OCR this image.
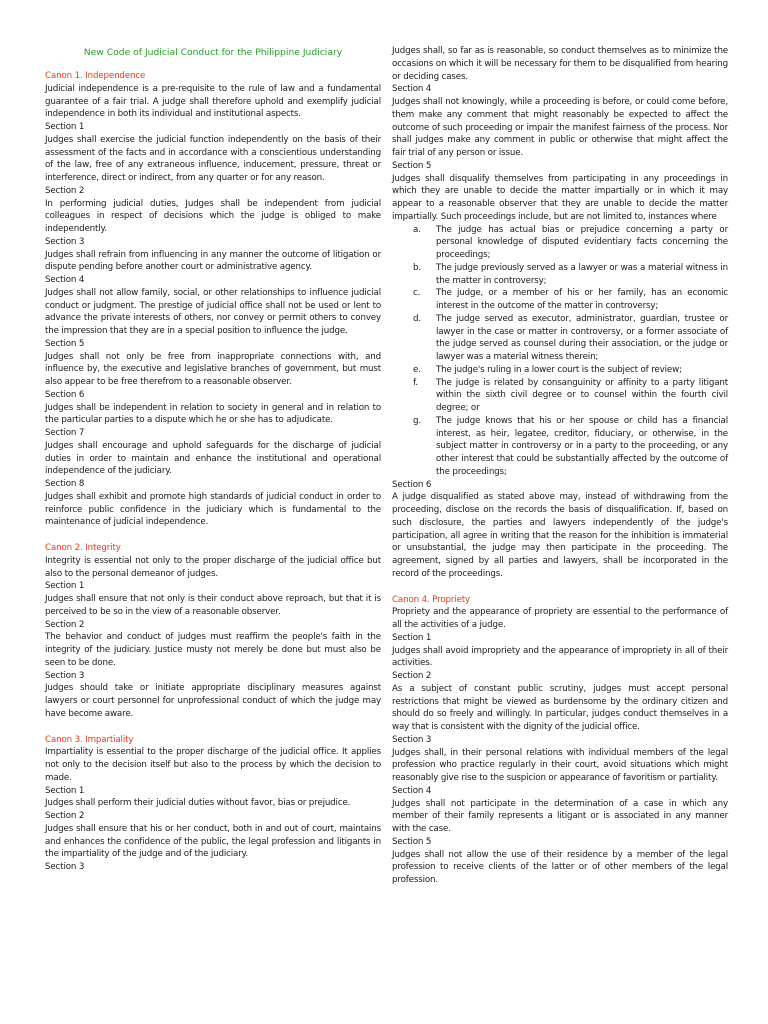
New Code of Judicial Conduct for the Philippine Judiciary
Canon 1. Independence

Judicial independence is a pre-requisite to the rule of law and a fundamental guarantee of a fair trial. A judge shall therefore uphold and exemplify judicial independence in both its individual and institutional aspects.

Section 1

Judges shall exercise the judicial function independently on the basis of their assessment of the facts and in accordance with a conscientious understanding of the law, free of any extraneous influence, inducement, pressure, threat or interference, direct or indirect, from any quarter or for any reason.

Section 2

In performing judicial duties, Judges shall be independent from judicial colleagues in respect of decisions which the judge is obliged to make independently.

Section 3

Judges shall refrain from influencing in any manner the outcome of litigation or dispute pending before another court or administrative agency.

Section 4

Judges shall not allow family, social, or other relationships to influence judicial conduct or judgment. The prestige of judicial office shall not be used or lent to advance the private interests of others, nor convey or permit others to convey the impression that they are in a special position to influence the judge.

Section 5

Judges shall not only be free from inappropriate connections with, and influence by, the executive and legislative branches of government, but must also appear to be free therefrom to a reasonable observer.

Section 6

Judges shall be independent in relation to society in general and in relation to the particular parties to a dispute which he or she has to adjudicate.

Section 7

Judges shall encourage and uphold safeguards for the discharge of judicial duties in order to maintain and enhance the institutional and operational independence of the judiciary.

Section 8

Judges shall exhibit and promote high standards of judicial conduct in order to reinforce public confidence in the judiciary which is fundamental to the maintenance of judicial independence.

Canon 2. Integrity

Integrity is essential not only to the proper discharge of the judicial office but also to the personal demeanor of judges.

Section 1

Judges shall ensure that not only is their conduct above reproach, but that it is perceived to be so in the view of a reasonable observer.

Section 2

The behavior and conduct of judges must reaffirm the people's faith in the integrity of the judiciary. Justice musty not merely be done but must also be seen to be done.

Section 3

Judges should take or initiate appropriate disciplinary measures against lawyers or court personnel for unprofessional conduct of which the judge may have become aware.

Canon 3. Impartiality

Impartiality is essential to the proper discharge of the judicial office. It applies not only to the decision itself but also to the process by which the decision to made.

Section 1

Judges shall perform their judicial duties without favor, bias or prejudice.

Section 2

Judges shall ensure that his or her conduct, both in and out of court, maintains and enhances the confidence of the public, the legal profession and litigants in the impartiality of the judge and of the judiciary.

Section 3

Judges shall, so far as is reasonable, so conduct themselves as to minimize the occasions on which it will be necessary for them to be disqualified from hearing or deciding cases.

Section 4

Judges shall not knowingly, while a proceeding is before, or could come before, them make any comment that might reasonably be expected to affect the outcome of such proceeding or impair the manifest fairness of the process. Nor shall judges make any comment in public or otherwise that might affect the fair trial of any person or issue.

Section 5

Judges shall disqualify themselves from participating in any proceedings in which they are unable to decide the matter impartially or in which it may appear to a reasonable observer that they are unable to decide the matter impartially. Such proceedings include, but are not limited to, instances where

a.	The judge has actual bias or prejudice concerning a party or personal knowledge of disputed evidentiary facts concerning the proceedings;
b.	The judge previously served as a lawyer or was a material witness in the matter in controversy;
c.	The judge, or a member of his or her family, has an economic interest in the outcome of the matter in controversy;
d.	The judge served as executor, administrator, guardian, trustee or lawyer in the case or matter in controversy, or a former associate of the judge served as counsel during their association, or the judge or lawyer was a material witness therein;
e.	The judge's ruling in a lower court is the subject of review;
f.	The judge is related by consanguinity or affinity to a party litigant within the sixth civil degree or to counsel within the fourth civil degree; or
g.	The judge knows that his or her spouse or child has a financial interest, as heir, legatee, creditor, fiduciary, or otherwise, in the subject matter in controversy or in a party to the proceeding, or any other interest that could be substantially affected by the outcome of the proceedings;
Section 6

A judge disqualified as stated above may, instead of withdrawing from the proceeding, disclose on the records the basis of disqualification. If, based on such disclosure, the parties and lawyers independently of the judge's participation, all agree in writing that the reason for the inhibition is immaterial or unsubstantial, the judge may then participate in the proceeding. The agreement, signed by all parties and lawyers, shall be incorporated in the record of the proceedings.

Canon 4. Propriety

Propriety and the appearance of propriety are essential to the performance of all the activities of a judge.

Section 1

Judges shall avoid impropriety and the appearance of impropriety in all of their activities.

Section 2

As a subject of constant public scrutiny, judges must accept personal restrictions that might be viewed as burdensome by the ordinary citizen and should do so freely and willingly. In particular, judges conduct themselves in a way that is consistent with the dignity of the judicial office.

Section 3

Judges shall, in their personal relations with individual members of the legal profession who practice regularly in their court, avoid situations which might reasonably give rise to the suspicion or appearance of favoritism or partiality.

Section 4

Judges shall not participate in the determination of a case in which any member of their family represents a litigant or is associated in any manner with the case.

Section 5

Judges shall not allow the use of their residence by a member of the legal profession to receive clients of the latter or of other members of the legal profession.
